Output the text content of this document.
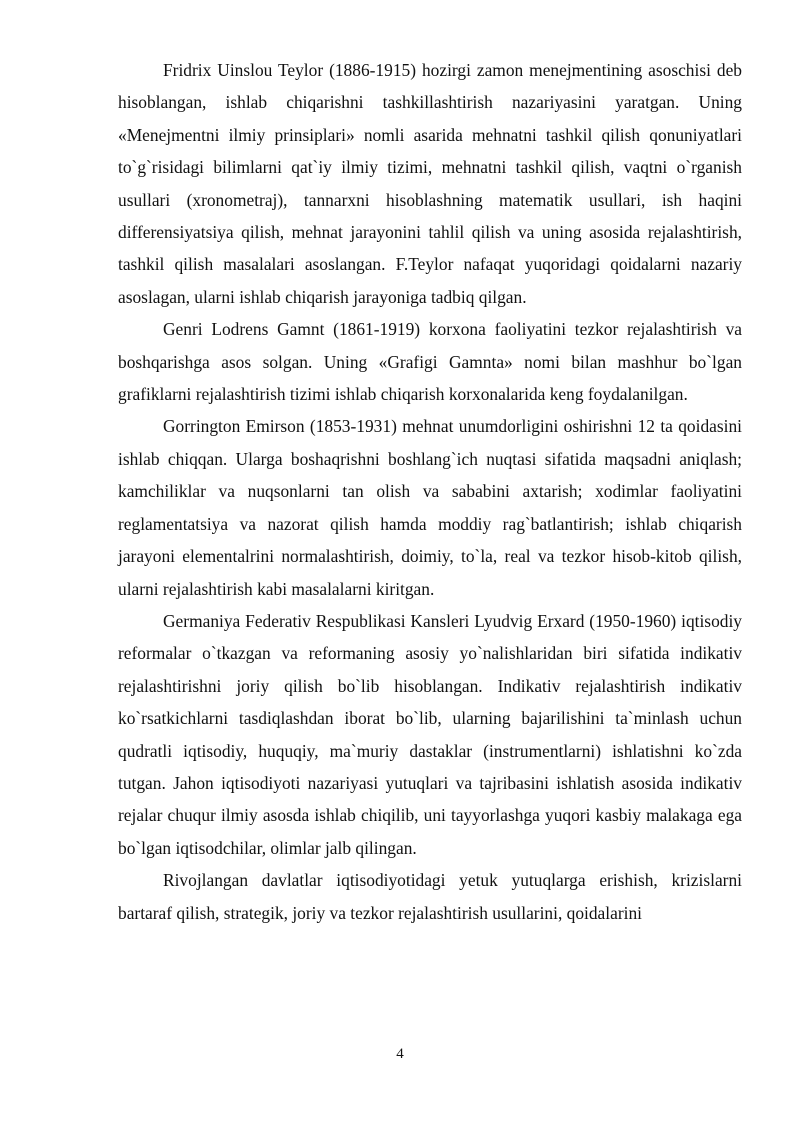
Fridrix Uinslou Teylor (1886-1915) hozirgi zamon menejmentining asoschisi deb hisoblangan, ishlab chiqarishni tashkillashtirish nazariyasini yaratgan. Uning «Menejmentni ilmiy prinsiplari» nomli asarida mehnatni tashkil qilish qonuniyatlari to`g`risidagi bilimlarni qat`iy ilmiy tizimi, mehnatni tashkil qilish, vaqtni o`rganish usullari (xronometraj), tannarxni hisoblashning matematik usullari, ish haqini differensiyatsiya qilish, mehnat jarayonini tahlil qilish va uning asosida rejalashtirish, tashkil qilish masalalari asoslangan. F.Teylor nafaqat yuqoridagi qoidalarni nazariy asoslagan, ularni ishlab chiqarish jarayoniga tadbiq qilgan.

Genri Lodrens Gamnt (1861-1919) korxona faoliyatini tezkor rejalashtirish va boshqarishga asos solgan. Uning «Grafigi Gamnta» nomi bilan mashhur bo`lgan grafiklarni rejalashtirish tizimi ishlab chiqarish korxonalarida keng foydalanilgan.

Gorrington Emirson (1853-1931) mehnat unumdorligini oshirishni 12 ta qoidasini ishlab chiqqan. Ularga boshaqrishni boshlang`ich nuqtasi sifatida maqsadni aniqlash; kamchiliklar va nuqsonlarni tan olish va sababini axtarish; xodimlar faoliyatini reglamentatsiya va nazorat qilish hamda moddiy rag`batlantirish; ishlab chiqarish jarayoni elementalrini normalashtirish, doimiy, to`la, real va tezkor hisob-kitob qilish, ularni rejalashtirish kabi masalalarni kiritgan.

Germaniya Federativ Respublikasi Kansleri Lyudvig Erxard (1950-1960) iqtisodiy reformalar o`tkazgan va reformaning asosiy yo`nalishlaridan biri sifatida indikativ rejalashtirishni joriy qilish bo`lib hisoblangan. Indikativ rejalashtirish indikativ ko`rsatkichlarni tasdiqlashdan iborat bo`lib, ularning bajarilishini ta`minlash uchun qudratli iqtisodiy, huquqiy, ma`muriy dastaklar (instrumentlarni) ishlatishni ko`zda tutgan. Jahon iqtisodiyoti nazariyasi yutuqlari va tajribasini ishlatish asosida indikativ rejalar chuqur ilmiy asosda ishlab chiqilib, uni tayyorlashga yuqori kasbiy malakaga ega bo`lgan iqtisodchilar, olimlar jalb qilingan.

Rivojlangan davlatlar iqtisodiyotidagi yetuk yutuqlarga erishish, krizislarni bartaraf qilish, strategik, joriy va tezkor rejalashtirish usullarini, qoidalarini

4
